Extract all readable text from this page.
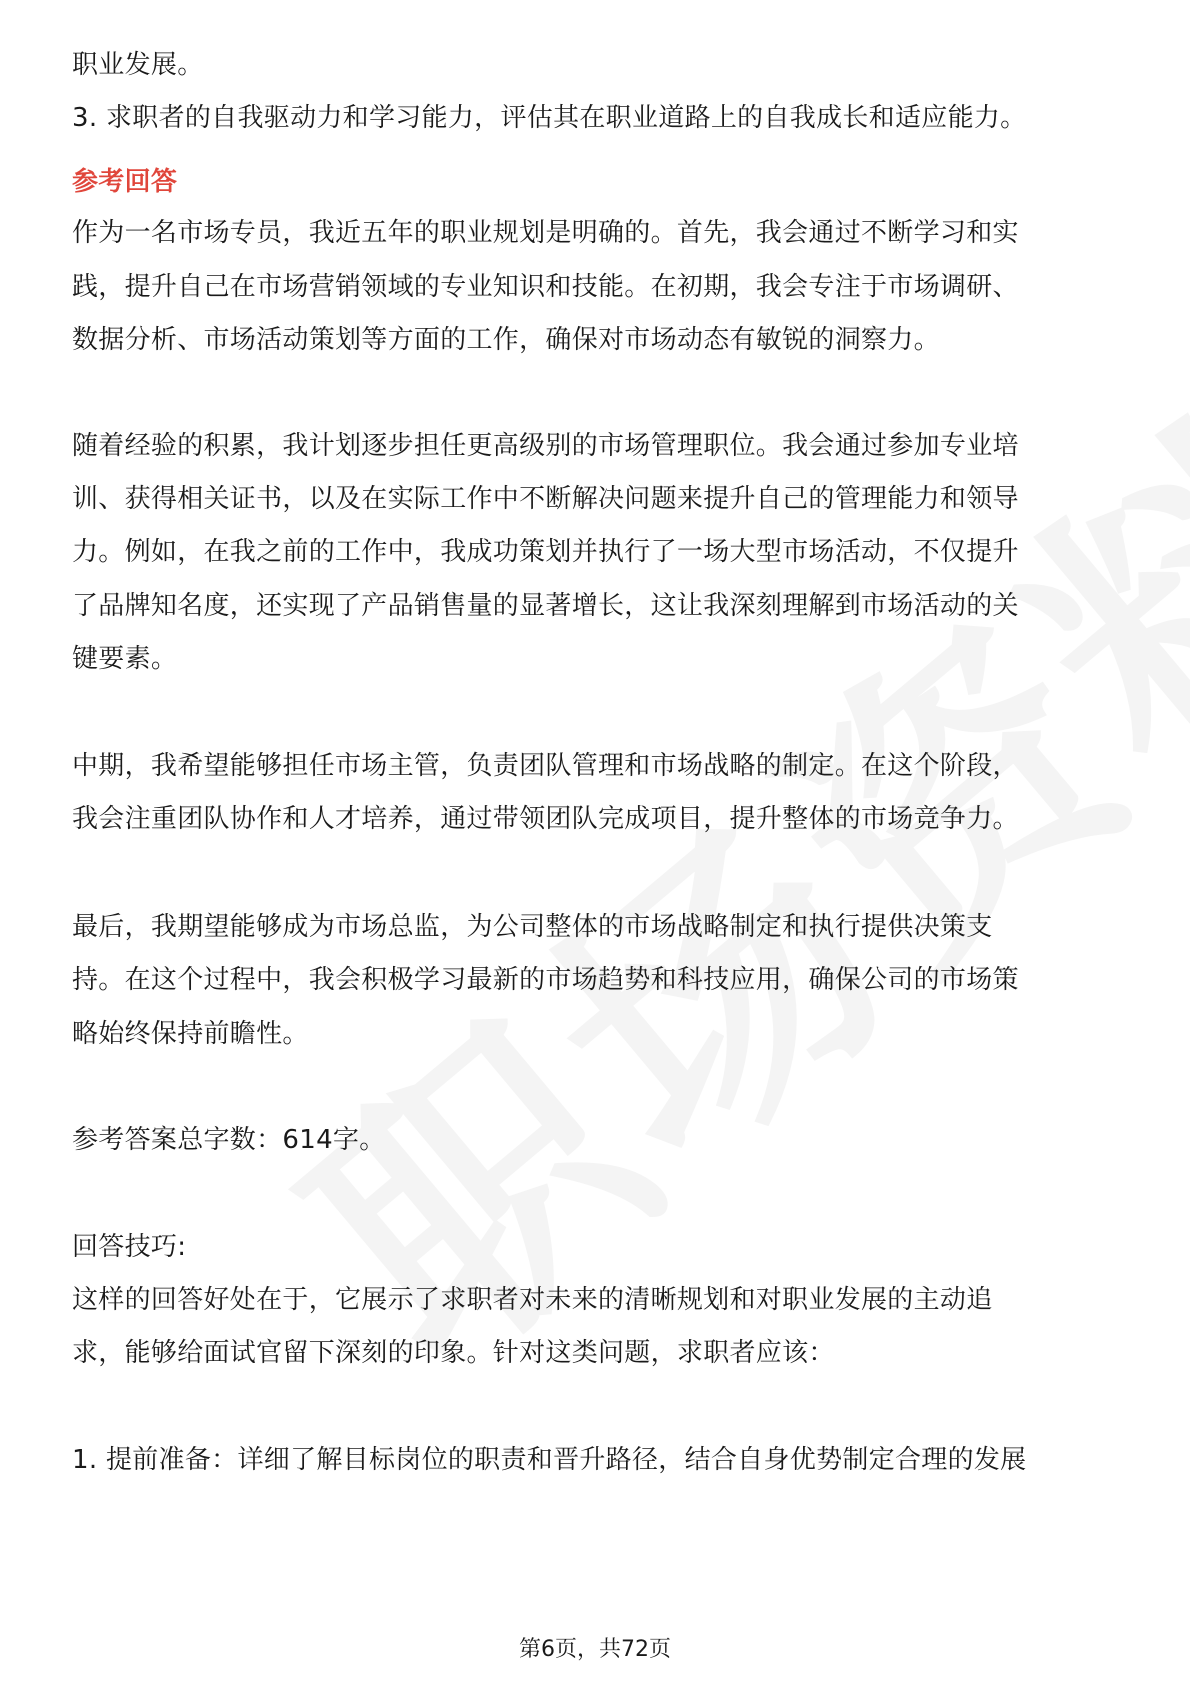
职业发展。
3. 求职者的自我驱动力和学习能力，评估其在职业道路上的自我成长和适应能力。
参考回答
作为一名市场专员，我近五年的职业规划是明确的。首先，我会通过不断学习和实
践，提升自己在市场营销领域的专业知识和技能。在初期，我会专注于市场调研、
数据分析、市场活动策划等方面的工作，确保对市场动态有敏锐的洞察力。
随着经验的积累，我计划逐步担任更高级别的市场管理职位。我会通过参加专业培
训、获得相关证书，以及在实际工作中不断解决问题来提升自己的管理能力和领导
力。例如，在我之前的工作中，我成功策划并执行了一场大型市场活动，不仅提升
了品牌知名度，还实现了产品销售量的显著增长，这让我深刻理解到市场活动的关
键要素。
中期，我希望能够担任市场主管，负责团队管理和市场战略的制定。在这个阶段，
我会注重团队协作和人才培养，通过带领团队完成项目，提升整体的市场竞争力。
最后，我期望能够成为市场总监，为公司整体的市场战略制定和执行提供决策支
持。在这个过程中，我会积极学习最新的市场趋势和科技应用，确保公司的市场策
略始终保持前瞻性。
参考答案总字数：614字。
回答技巧:
这样的回答好处在于，它展示了求职者对未来的清晰规划和对职业发展的主动追
求，能够给面试官留下深刻的印象。针对这类问题，求职者应该：
1. 提前准备：详细了解目标岗位的职责和晋升路径，结合自身优势制定合理的发展
第6页，共72页
